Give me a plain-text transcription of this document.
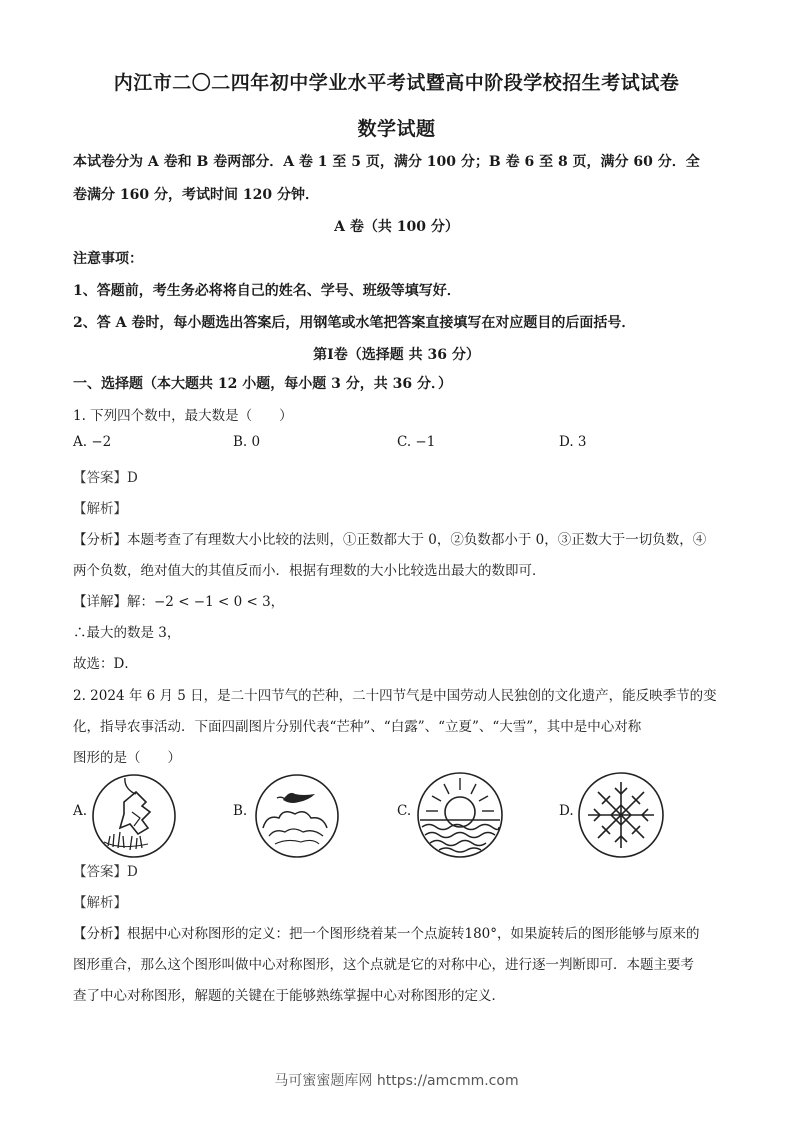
内江市二〇二四年初中学业水平考试暨高中阶段学校招生考试试卷
数学试题
本试卷分为 A 卷和 B 卷两部分．A 卷 1 至 5 页，满分 100 分；B 卷 6 至 8 页，满分 60 分．全
卷满分 160 分，考试时间 120 分钟．
A 卷（共 100 分）
注意事项：
1、答题前，考生务必将将自己的姓名、学号、班级等填写好．
2、答 A 卷时，每小题选出答案后，用钢笔或水笔把答案直接填写在对应题目的后面括号．
第Ⅰ卷（选择题 共 36 分）
一、选择题（本大题共 12 小题，每小题 3 分，共 36 分．）
1. 下列四个数中，最大数是（　　）
A. −2	B. 0	C. −1	D. 3
【答案】D
【解析】
【分析】本题考查了有理数大小比较的法则，①正数都大于 0，②负数都小于 0，③正数大于一切负数，④
两个负数，绝对值大的其值反而小．根据有理数的大小比较选出最大的数即可．
【详解】解：−2 < −1 < 0 < 3，
∴最大的数是 3，
故选：D．
2. 2024 年 6 月 5 日，是二十四节气的芒种，二十四节气是中国劳动人民独创的文化遗产，能反映季节的变
化，指导农事活动．下面四副图片分别代表“芒种”、“白露”、“立夏”、“大雪”，其中是中心对称
图形的是（　　）
A.	B.	C.	D.
【答案】D
【解析】
【分析】根据中心对称图形的定义：把一个图形绕着某一个点旋转180°，如果旋转后的图形能够与原来的
图形重合，那么这个图形叫做中心对称图形，这个点就是它的对称中心，进行逐一判断即可．本题主要考
查了中心对称图形，解题的关键在于能够熟练掌握中心对称图形的定义．
马可蜜蜜题库网 https://amcmm.com
